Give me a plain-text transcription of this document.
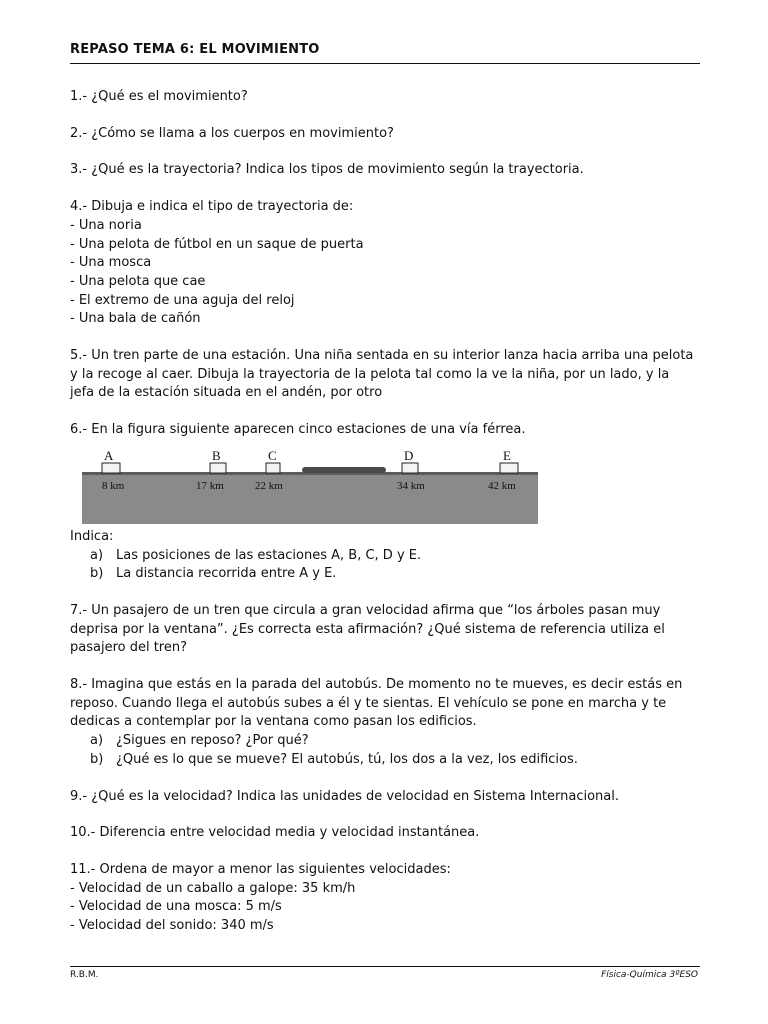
REPASO TEMA 6: EL MOVIMIENTO

1.- ¿Qué es el movimiento?

2.- ¿Cómo se llama a los cuerpos en movimiento?

3.- ¿Qué es la trayectoria? Indica los tipos de movimiento según la trayectoria.

4.- Dibuja e indica el tipo de trayectoria de:
- Una noria
- Una pelota de fútbol en un saque de puerta
- Una mosca
- Una pelota que cae
- El extremo de una aguja del reloj
- Una bala de cañón

5.- Un tren parte de una estación. Una niña sentada en su interior lanza hacia arriba una pelota
y la recoge al caer. Dibuja la trayectoria de la pelota tal como la ve la niña, por un lado, y la
jefa de la estación situada en el andén, por otro

6.- En la figura siguiente aparecen cinco estaciones de una vía férrea.

A	B	C	D	E
8 km	17 km	22 km	34 km	42 km

Indica:
a) Las posiciones de las estaciones A, B, C, D y E.
b) La distancia recorrida entre A y E.

7.- Un pasajero de un tren que circula a gran velocidad afirma que “los árboles pasan muy
deprisa por la ventana”. ¿Es correcta esta afirmación? ¿Qué sistema de referencia utiliza el
pasajero del tren?

8.- Imagina que estás en la parada del autobús. De momento no te mueves, es decir estás en
reposo. Cuando llega el autobús subes a él y te sientas. El vehículo se pone en marcha y te
dedicas a contemplar por la ventana como pasan los edificios.
a) ¿Sigues en reposo? ¿Por qué?
b) ¿Qué es lo que se mueve? El autobús, tú, los dos a la vez, los edificios.

9.- ¿Qué es la velocidad? Indica las unidades de velocidad en Sistema Internacional.

10.- Diferencia entre velocidad media y velocidad instantánea.

11.- Ordena de mayor a menor las siguientes velocidades:
- Velocidad de un caballo a galope: 35 km/h
- Velocidad de una mosca: 5 m/s
- Velocidad del sonido: 340 m/s

R.B.M.	Física-Química 3ºESO
